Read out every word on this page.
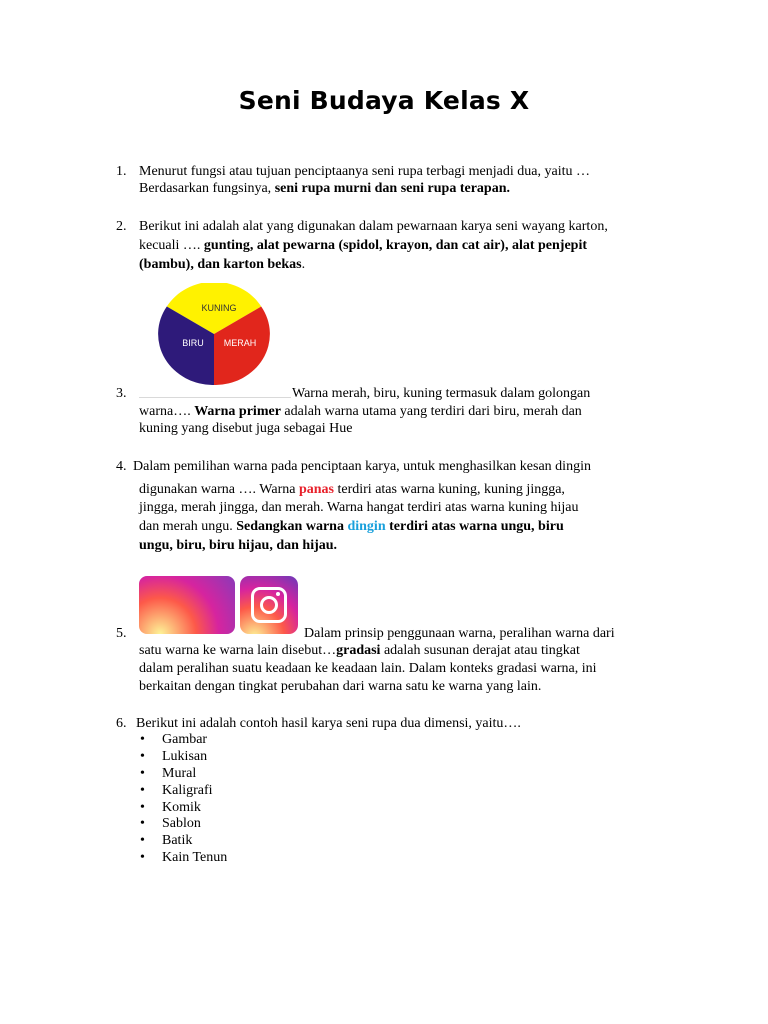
Seni Budaya Kelas X
1. Menurut fungsi atau tujuan penciptaanya seni rupa terbagi menjadi dua, yaitu …
Berdasarkan fungsinya, seni rupa murni dan seni rupa terapan.
2. Berikut ini adalah alat yang digunakan dalam pewarnaan karya seni wayang karton,
kecuali …. gunting, alat pewarna (spidol, krayon, dan cat air), alat penjepit
(bambu), dan karton bekas.
KUNING
BIRU MERAH
3.	Warna merah, biru, kuning termasuk dalam golongan
warna…. Warna primer adalah warna utama yang terdiri dari biru, merah dan
kuning yang disebut juga sebagai Hue
4. Dalam pemilihan warna pada penciptaan karya, untuk menghasilkan kesan dingin
digunakan warna …. Warna panas terdiri atas warna kuning, kuning jingga,
jingga, merah jingga, dan merah. Warna hangat terdiri atas warna kuning hijau
dan merah ungu. Sedangkan warna dingin terdiri atas warna ungu, biru
ungu, biru, biru hijau, dan hijau.
5.	Dalam prinsip penggunaan warna, peralihan warna dari
satu warna ke warna lain disebut…gradasi adalah susunan derajat atau tingkat
dalam peralihan suatu keadaan ke keadaan lain. Dalam konteks gradasi warna, ini
berkaitan dengan tingkat perubahan dari warna satu ke warna yang lain.
6. Berikut ini adalah contoh hasil karya seni rupa dua dimensi, yaitu….
• Gambar
• Lukisan
• Mural
• Kaligrafi
• Komik
• Sablon
• Batik
• Kain Tenun
